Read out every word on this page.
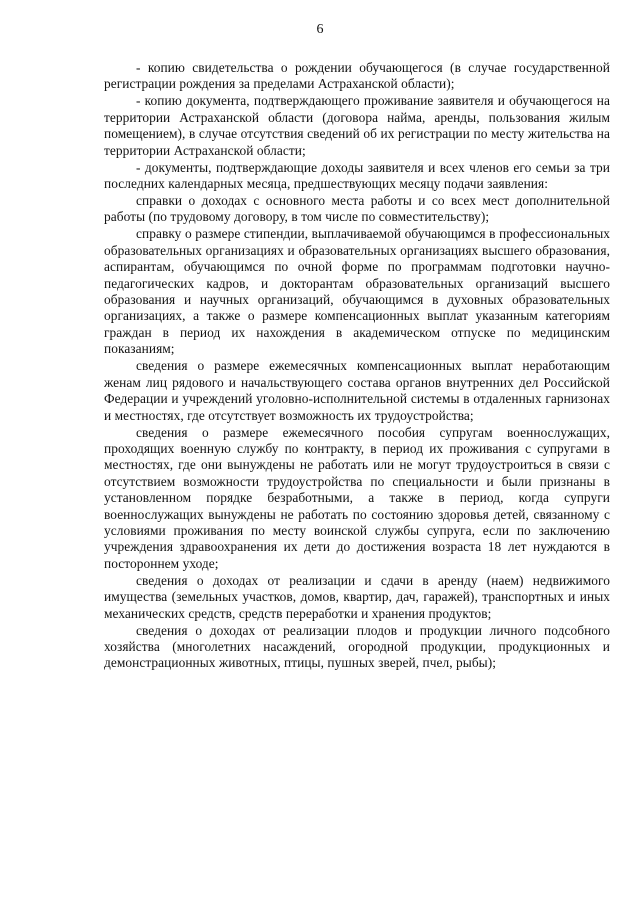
6

- копию свидетельства о рождении обучающегося (в случае государственной регистрации рождения за пределами Астраханской области);

- копию документа, подтверждающего проживание заявителя и обучающегося на территории Астраханской области (договора найма, аренды, пользования жилым помещением), в случае отсутствия сведений об их регистрации по месту жительства на территории Астраханской области;

- документы, подтверждающие доходы заявителя и всех членов его семьи за три последних календарных месяца, предшествующих месяцу подачи заявления:

справки о доходах с основного места работы и со всех мест дополнительной работы (по трудовому договору, в том числе по совместительству);

справку о размере стипендии, выплачиваемой обучающимся в профессиональных образовательных организациях и образовательных организациях высшего образования, аспирантам, обучающимся по очной форме по программам подготовки научно-педагогических кадров, и докторантам образовательных организаций высшего образования и научных организаций, обучающимся в духовных образовательных организациях, а также о размере компенсационных выплат указанным категориям граждан в период их нахождения в академическом отпуске по медицинским показаниям;

сведения о размере ежемесячных компенсационных выплат неработающим женам лиц рядового и начальствующего состава органов внутренних дел Российской Федерации и учреждений уголовно-исполнительной системы в отдаленных гарнизонах и местностях, где отсутствует возможность их трудоустройства;

сведения о размере ежемесячного пособия супругам военнослужащих, проходящих военную службу по контракту, в период их проживания с супругами в местностях, где они вынуждены не работать или не могут трудоустроиться в связи с отсутствием возможности трудоустройства по специальности и были признаны в установленном порядке безработными, а также в период, когда супруги военнослужащих вынуждены не работать по состоянию здоровья детей, связанному с условиями проживания по месту воинской службы супруга, если по заключению учреждения здравоохранения их дети до достижения возраста 18 лет нуждаются в постороннем уходе;

сведения о доходах от реализации и сдачи в аренду (наем) недвижимого имущества (земельных участков, домов, квартир, дач, гаражей), транспортных и иных механических средств, средств переработки и хранения продуктов;

сведения о доходах от реализации плодов и продукции личного подсобного хозяйства (многолетних насаждений, огородной продукции, продукционных и демонстрационных животных, птицы, пушных зверей, пчел, рыбы);
